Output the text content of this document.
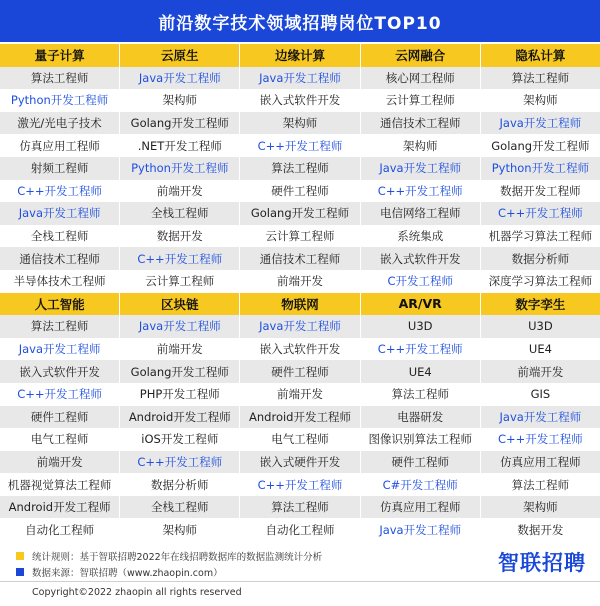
前沿数字技术领域招聘岗位TOP10
量子计算	云原生	边缘计算	云网融合	隐私计算
算法工程师	Java开发工程师	Java开发工程师	核心网工程师	算法工程师
Python开发工程师	架构师	嵌入式软件开发	云计算工程师	架构师
激光/光电子技术	Golang开发工程师	架构师	通信技术工程师	Java开发工程师
仿真应用工程师	.NET开发工程师	C++开发工程师	架构师	Golang开发工程师
射频工程师	Python开发工程师	算法工程师	Java开发工程师	Python开发工程师
C++开发工程师	前端开发	硬件工程师	C++开发工程师	数据开发工程师
Java开发工程师	全栈工程师	Golang开发工程师	电信网络工程师	C++开发工程师
全栈工程师	数据开发	云计算工程师	系统集成	机器学习算法工程师
通信技术工程师	C++开发工程师	通信技术工程师	嵌入式软件开发	数据分析师
半导体技术工程师	云计算工程师	前端开发	C开发工程师	深度学习算法工程师
人工智能	区块链	物联网	AR/VR	数字孪生
算法工程师	Java开发工程师	Java开发工程师	U3D	U3D
Java开发工程师	前端开发	嵌入式软件开发	C++开发工程师	UE4
嵌入式软件开发	Golang开发工程师	硬件工程师	UE4	前端开发
C++开发工程师	PHP开发工程师	前端开发	算法工程师	GIS
硬件工程师	Android开发工程师	Android开发工程师	电器研发	Java开发工程师
电气工程师	iOS开发工程师	电气工程师	图像识别算法工程师	C++开发工程师
前端开发	C++开发工程师	嵌入式硬件开发	硬件工程师	仿真应用工程师
机器视觉算法工程师	数据分析师	C++开发工程师	C#开发工程师	算法工程师
Android开发工程师	全栈工程师	算法工程师	仿真应用工程师	架构师
自动化工程师	架构师	自动化工程师	Java开发工程师	数据开发
统计规则：基于智联招聘2022年在线招聘数据库的数据监测统计分析
数据来源：智联招聘（www.zhaopin.com）	智联招聘
Copyright©2022 zhaopin all rights reserved
